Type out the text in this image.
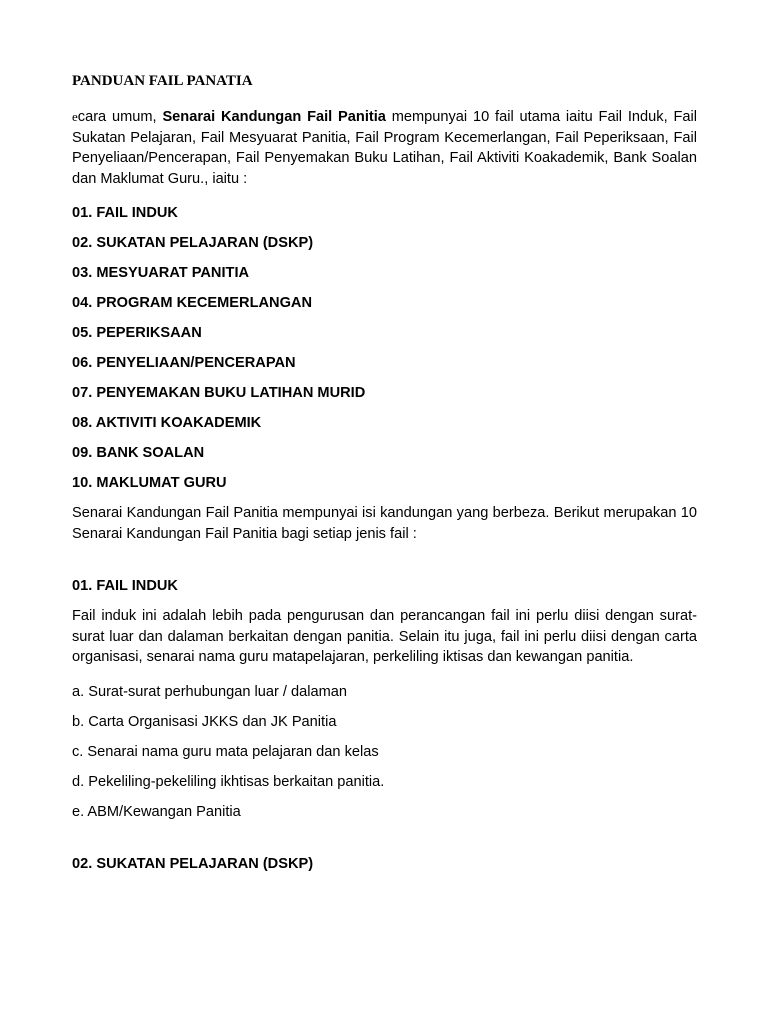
PANDUAN FAIL PANATIA

ecara umum, Senarai Kandungan Fail Panitia mempunyai 10 fail utama iaitu Fail Induk, Fail Sukatan Pelajaran, Fail Mesyuarat Panitia, Fail Program Kecemerlangan, Fail Peperiksaan, Fail Penyeliaan/Pencerapan, Fail Penyemakan Buku Latihan, Fail Aktiviti Koakademik, Bank Soalan dan Maklumat Guru., iaitu :

01. FAIL INDUK
02. SUKATAN PELAJARAN (DSKP)
03. MESYUARAT PANITIA
04. PROGRAM KECEMERLANGAN
05. PEPERIKSAAN
06. PENYELIAAN/PENCERAPAN
07. PENYEMAKAN BUKU LATIHAN MURID
08. AKTIVITI KOAKADEMIK
09. BANK SOALAN
10. MAKLUMAT GURU

Senarai Kandungan Fail Panitia mempunyai isi kandungan yang berbeza. Berikut merupakan 10 Senarai Kandungan Fail Panitia bagi setiap jenis fail :

01. FAIL INDUK

Fail induk ini adalah lebih pada pengurusan dan perancangan fail ini perlu diisi dengan surat-surat luar dan dalaman berkaitan dengan panitia. Selain itu juga, fail ini perlu diisi dengan carta organisasi, senarai nama guru matapelajaran, perkeliling iktisas dan kewangan panitia.

a. Surat-surat perhubungan luar / dalaman
b. Carta Organisasi JKKS dan JK Panitia
c. Senarai nama guru mata pelajaran dan kelas
d. Pekeliling-pekeliling ikhtisas berkaitan panitia.
e. ABM/Kewangan Panitia
02. SUKATAN PELAJARAN (DSKP)
